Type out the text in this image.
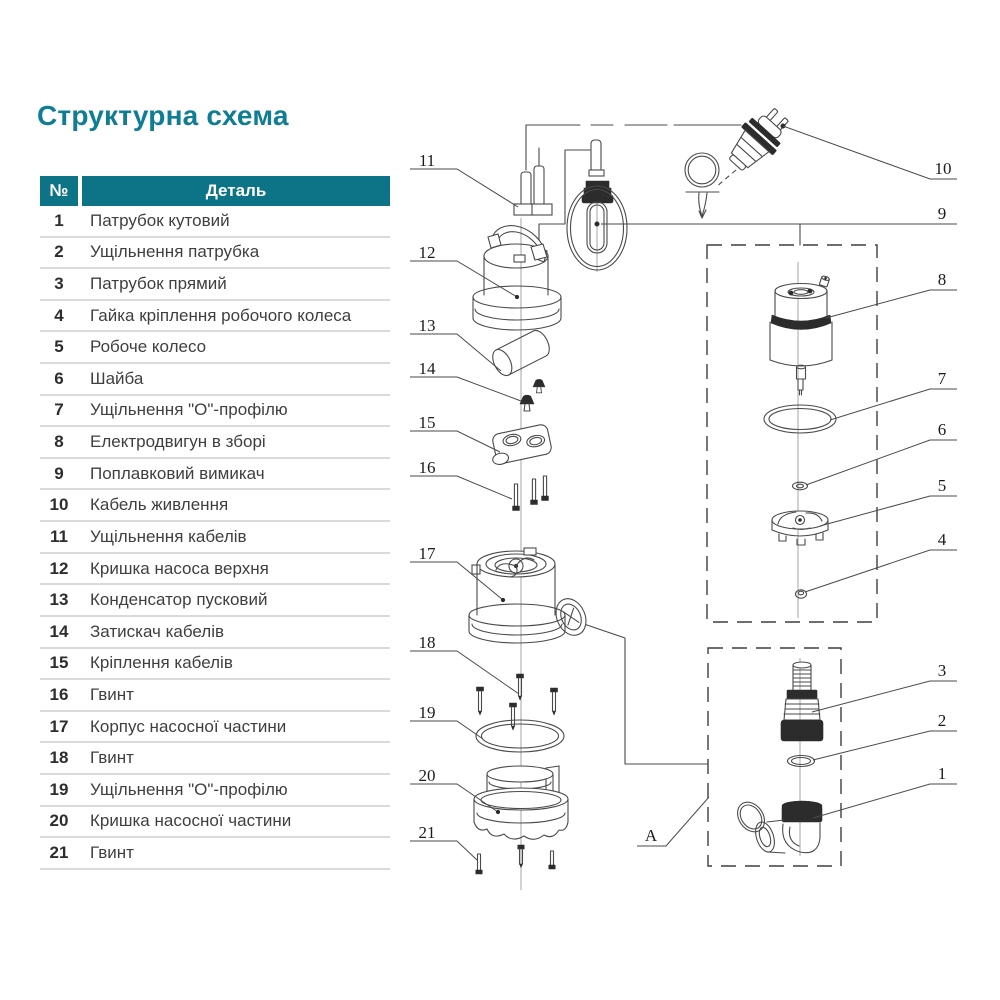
Структурна схема
№	Деталь
1	Патрубок кутовий
2	Ущільнення патрубка
3	Патрубок прямий
4	Гайка кріплення робочого колеса
5	Робоче колесо
6	Шайба
7	Ущільнення "О"-профілю
8	Електродвигун в зборі
9	Поплавковий вимикач
10	Кабель живлення
11	Ущільнення кабелів
12	Кришка насоса верхня
13	Конденсатор пусковий
14	Затискач кабелів
15	Кріплення кабелів
16	Гвинт
17	Корпус насосної частини
18	Гвинт
19	Ущільнення "О"-профілю
20	Кришка насосної частини
21	Гвинт
11
12
13
14
15
16
17
18
19
20
21
10
9
8
7
6
5
4
3
2
1
A
